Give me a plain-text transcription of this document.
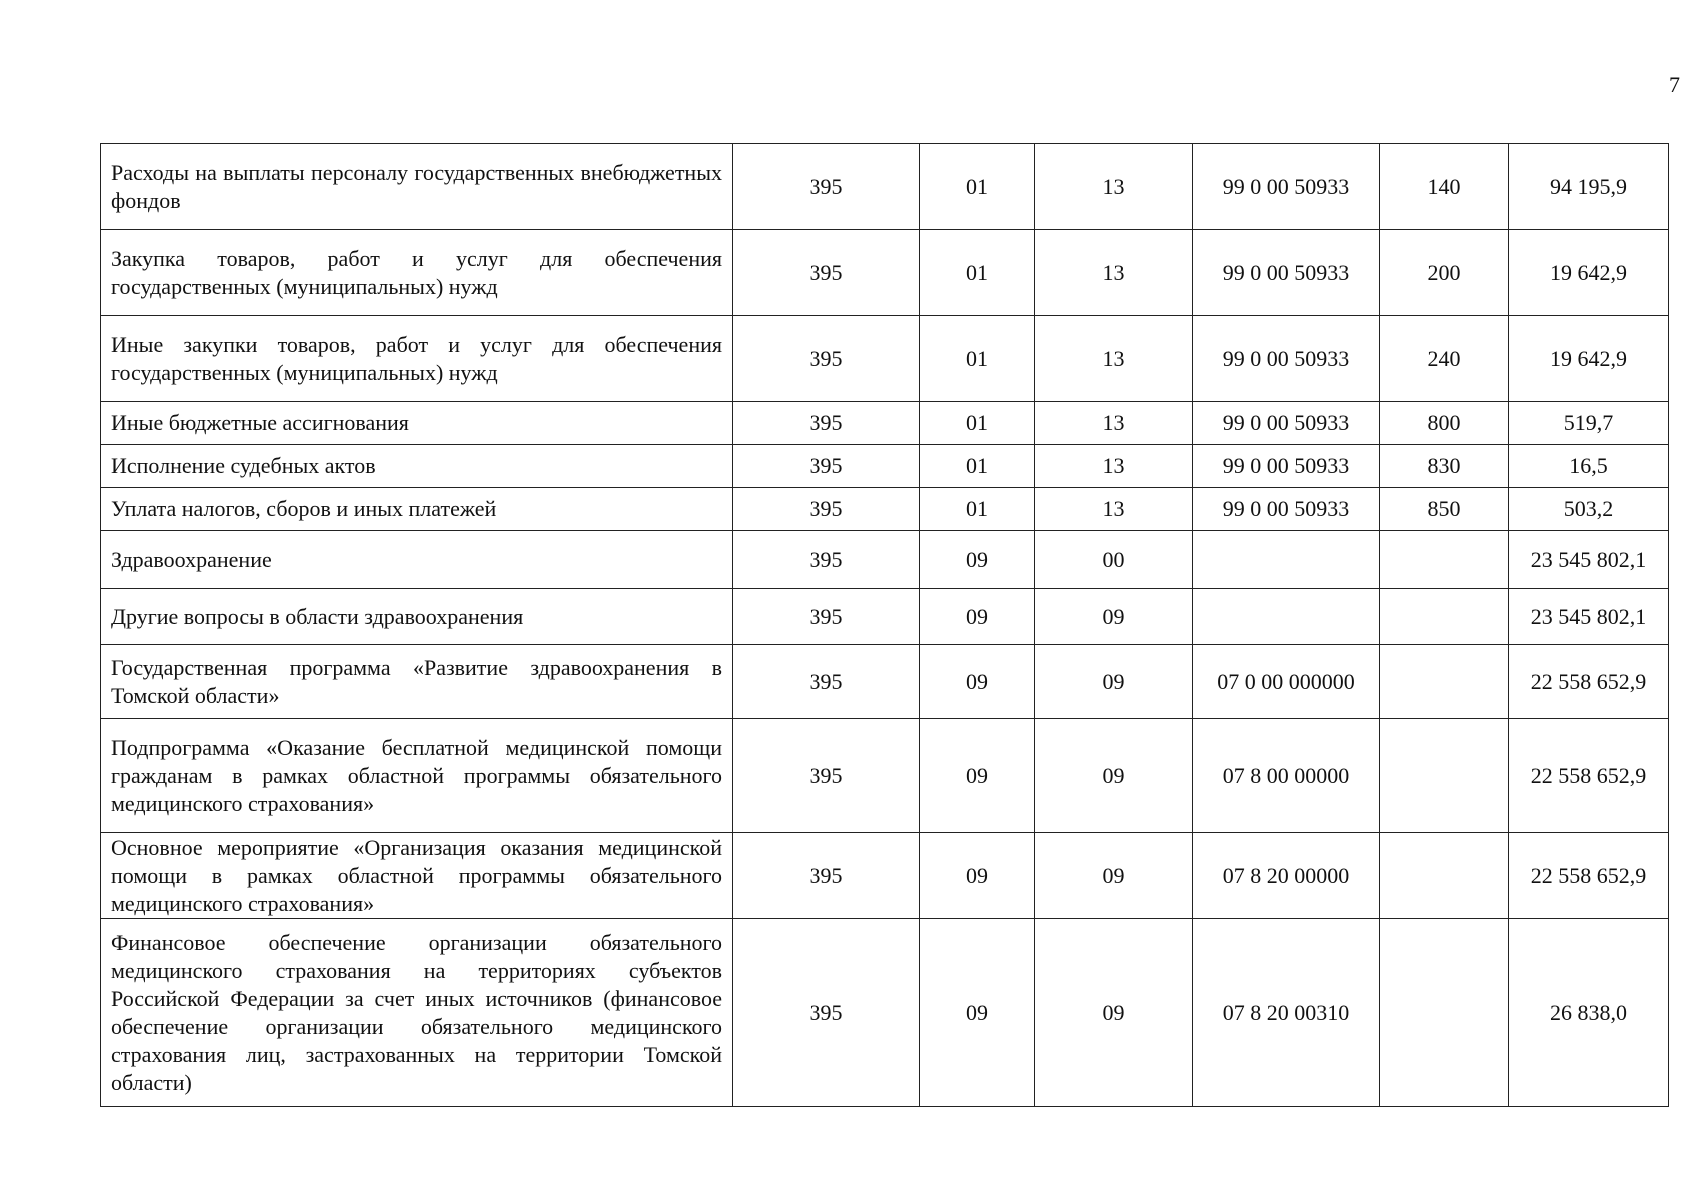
7
Расходы на выплаты персоналу государственных внебюджетных фондов	395	01	13	99 0 00 50933	140	94 195,9
Закупка товаров, работ и услуг для обеспечения государственных (муниципальных) нужд	395	01	13	99 0 00 50933	200	19 642,9
Иные закупки товаров, работ и услуг для обеспечения государственных (муниципальных) нужд	395	01	13	99 0 00 50933	240	19 642,9
Иные бюджетные ассигнования	395	01	13	99 0 00 50933	800	519,7
Исполнение судебных актов	395	01	13	99 0 00 50933	830	16,5
Уплата налогов, сборов и иных платежей	395	01	13	99 0 00 50933	850	503,2
Здравоохранение	395	09	00			23 545 802,1
Другие вопросы в области здравоохранения	395	09	09			23 545 802,1
Государственная программа «Развитие здравоохранения в Томской области»	395	09	09	07 0 00 000000		22 558 652,9
Подпрограмма «Оказание бесплатной медицинской помощи гражданам в рамках областной программы обязательного медицинского страхования»	395	09	09	07 8 00 00000		22 558 652,9
Основное мероприятие «Организация оказания медицинской помощи в рамках областной программы обязательного медицинского страхования»	395	09	09	07 8 20 00000		22 558 652,9
Финансовое обеспечение организации обязательного медицинского страхования на территориях субъектов Российской Федерации за счет иных источников (финансовое обеспечение организации обязательного медицинского страхования лиц, застрахованных на территории Томской области)	395	09	09	07 8 20 00310		26 838,0
